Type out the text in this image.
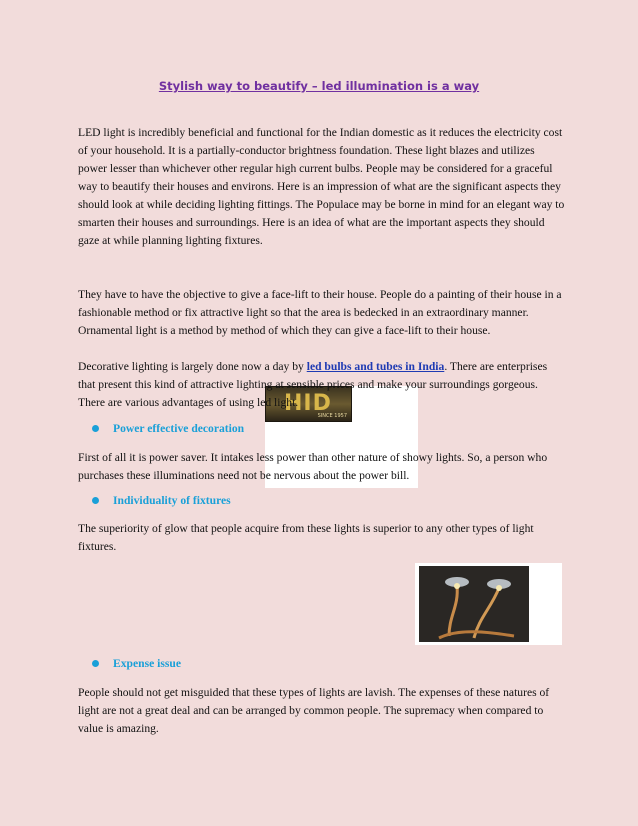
Stylish way to beautify – led illumination is a way

LED light is incredibly beneficial and functional for the Indian domestic as it reduces the electricity cost of your household. It is a partially-conductor brightness foundation. These light blazes and utilizes power lesser than whichever other regular high current bulbs. People may be considered for a graceful way to beautify their houses and environs. Here is an impression of what are the significant aspects they should look at while deciding lighting fittings. The Populace may be borne in mind for an elegant way to smarten their houses and surroundings. Here is an idea of what are the important aspects they should gaze at while planning lighting fixtures.

They have to have the objective to give a face-lift to their house. People do a painting of their house in a fashionable method or fix attractive light so that the area is bedecked in an extraordinary manner. Ornamental light is a method by method of which they can give a face-lift to their house.

HID
SINCE 1957

Decorative lighting is largely done now a day by led bulbs and tubes in India. There are enterprises that present this kind of attractive lighting at sensible prices and make your surroundings gorgeous. There are various advantages of using led light.

Power effective decoration

First of all it is power saver. It intakes less power than other nature of showy lights. So, a person who purchases these illuminations need not be nervous about the power bill.

Individuality of fixtures

The superiority of glow that people acquire from these lights is superior to any other types of light fixtures.

Expense issue

People should not get misguided that these types of lights are lavish. The expenses of these natures of light are not a great deal and can be arranged by common people. The supremacy when compared to value is amazing.
